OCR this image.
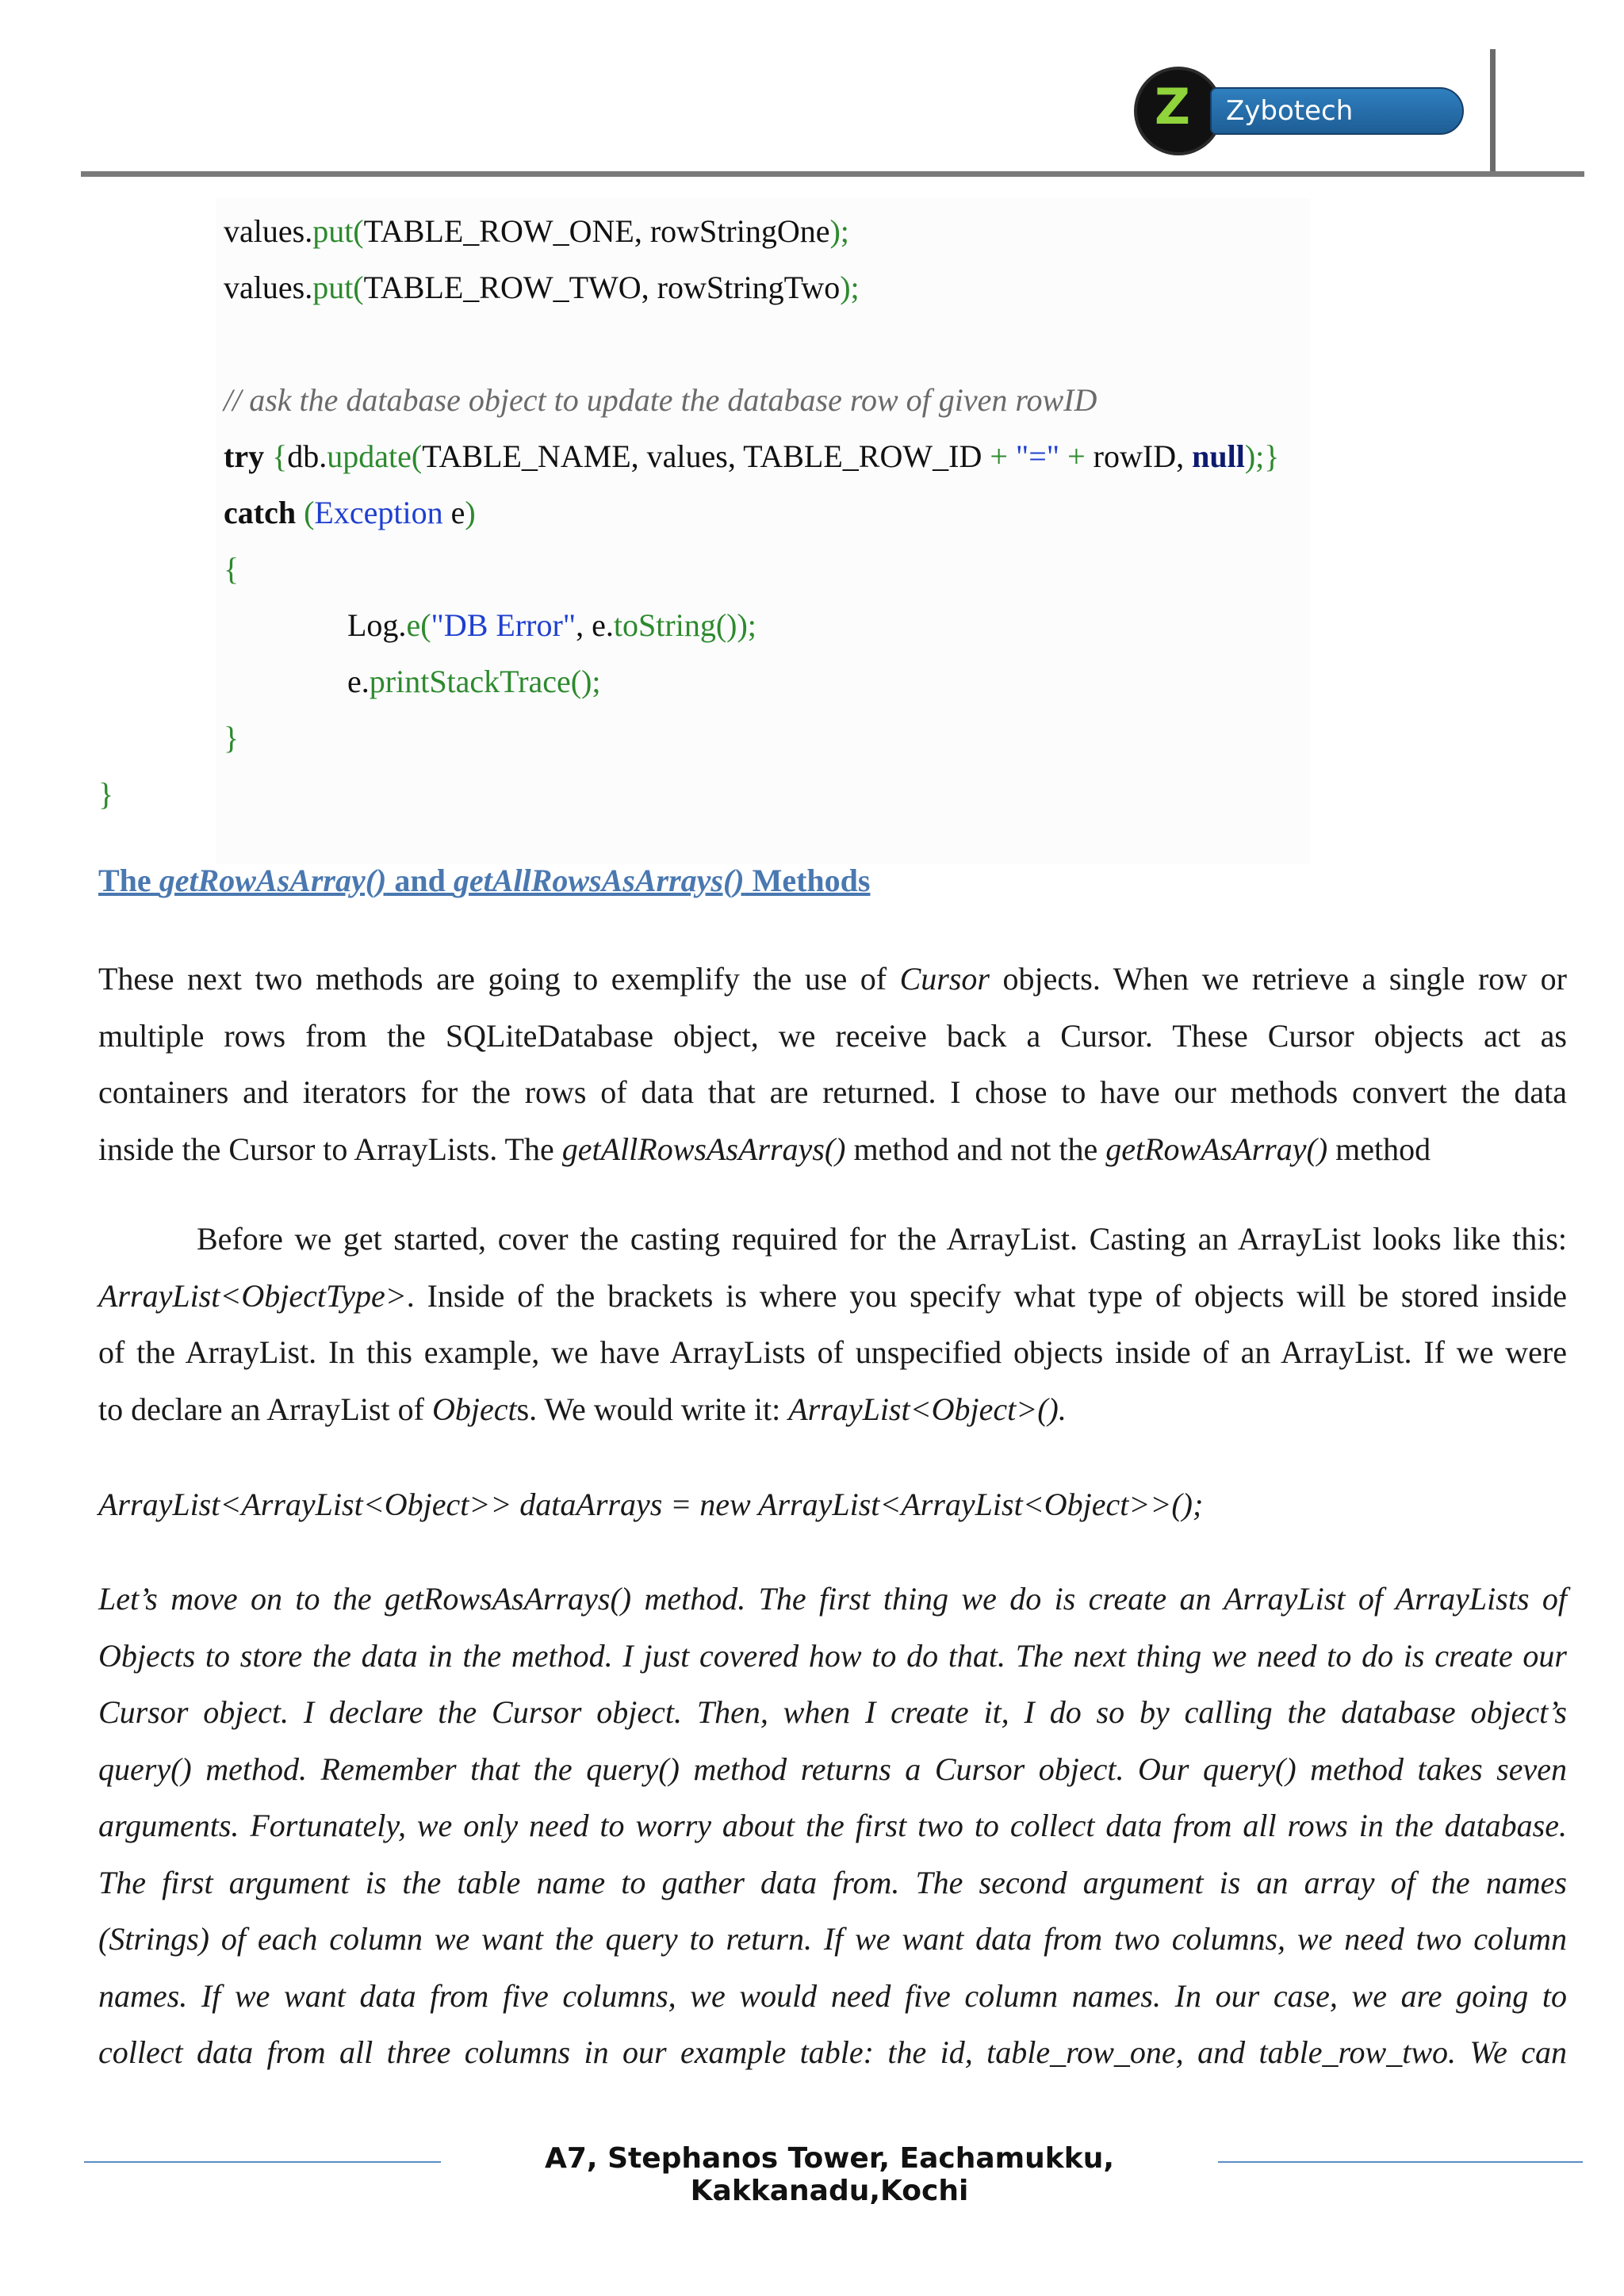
Z	Zybotech Solutions
values.put(TABLE_ROW_ONE, rowStringOne);
values.put(TABLE_ROW_TWO, rowStringTwo);
// ask the database object to update the database row of given rowID
try {db.update(TABLE_NAME, values, TABLE_ROW_ID + "=" + rowID, null);}
catch (Exception e)
{
Log.e("DB Error", e.toString());
e.printStackTrace();
}
}
The getRowAsArray() and getAllRowsAsArrays() Methods
These next two methods are going to exemplify the use of Cursor objects. When we retrieve a single row or
multiple rows from the SQLiteDatabase object, we receive back a Cursor. These Cursor objects act as
containers and iterators for the rows of data that are returned. I chose to have our methods convert the data
inside the Cursor to ArrayLists. The getAllRowsAsArrays() method and not the getRowAsArray() method
Before we get started, cover the casting required for the ArrayList. Casting an ArrayList looks like this:
ArrayList<ObjectType>. Inside of the brackets is where you specify what type of objects will be stored inside
of the ArrayList. In this example, we have ArrayLists of unspecified objects inside of an ArrayList. If we were
to declare an ArrayList of Objects. We would write it: ArrayList<Object>().
ArrayList<ArrayList<Object>> dataArrays = new ArrayList<ArrayList<Object>>();
Let’s move on to the getRowsAsArrays() method. The first thing we do is create an ArrayList of ArrayLists of
Objects to store the data in the method. I just covered how to do that. The next thing we need to do is create our
Cursor object. I declare the Cursor object. Then, when I create it, I do so by calling the database object’s
query() method. Remember that the query() method returns a Cursor object. Our query() method takes seven
arguments. Fortunately, we only need to worry about the first two to collect data from all rows in the database.
The first argument is the table name to gather data from. The second argument is an array of the names
(Strings) of each column we want the query to return. If we want data from two columns, we need two column
names. If we want data from five columns, we would need five column names. In our case, we are going to
collect data from all three columns in our example table: the id, table_row_one, and table_row_two. We can
A7, Stephanos Tower, Eachamukku, Kakkanadu,Kochi
